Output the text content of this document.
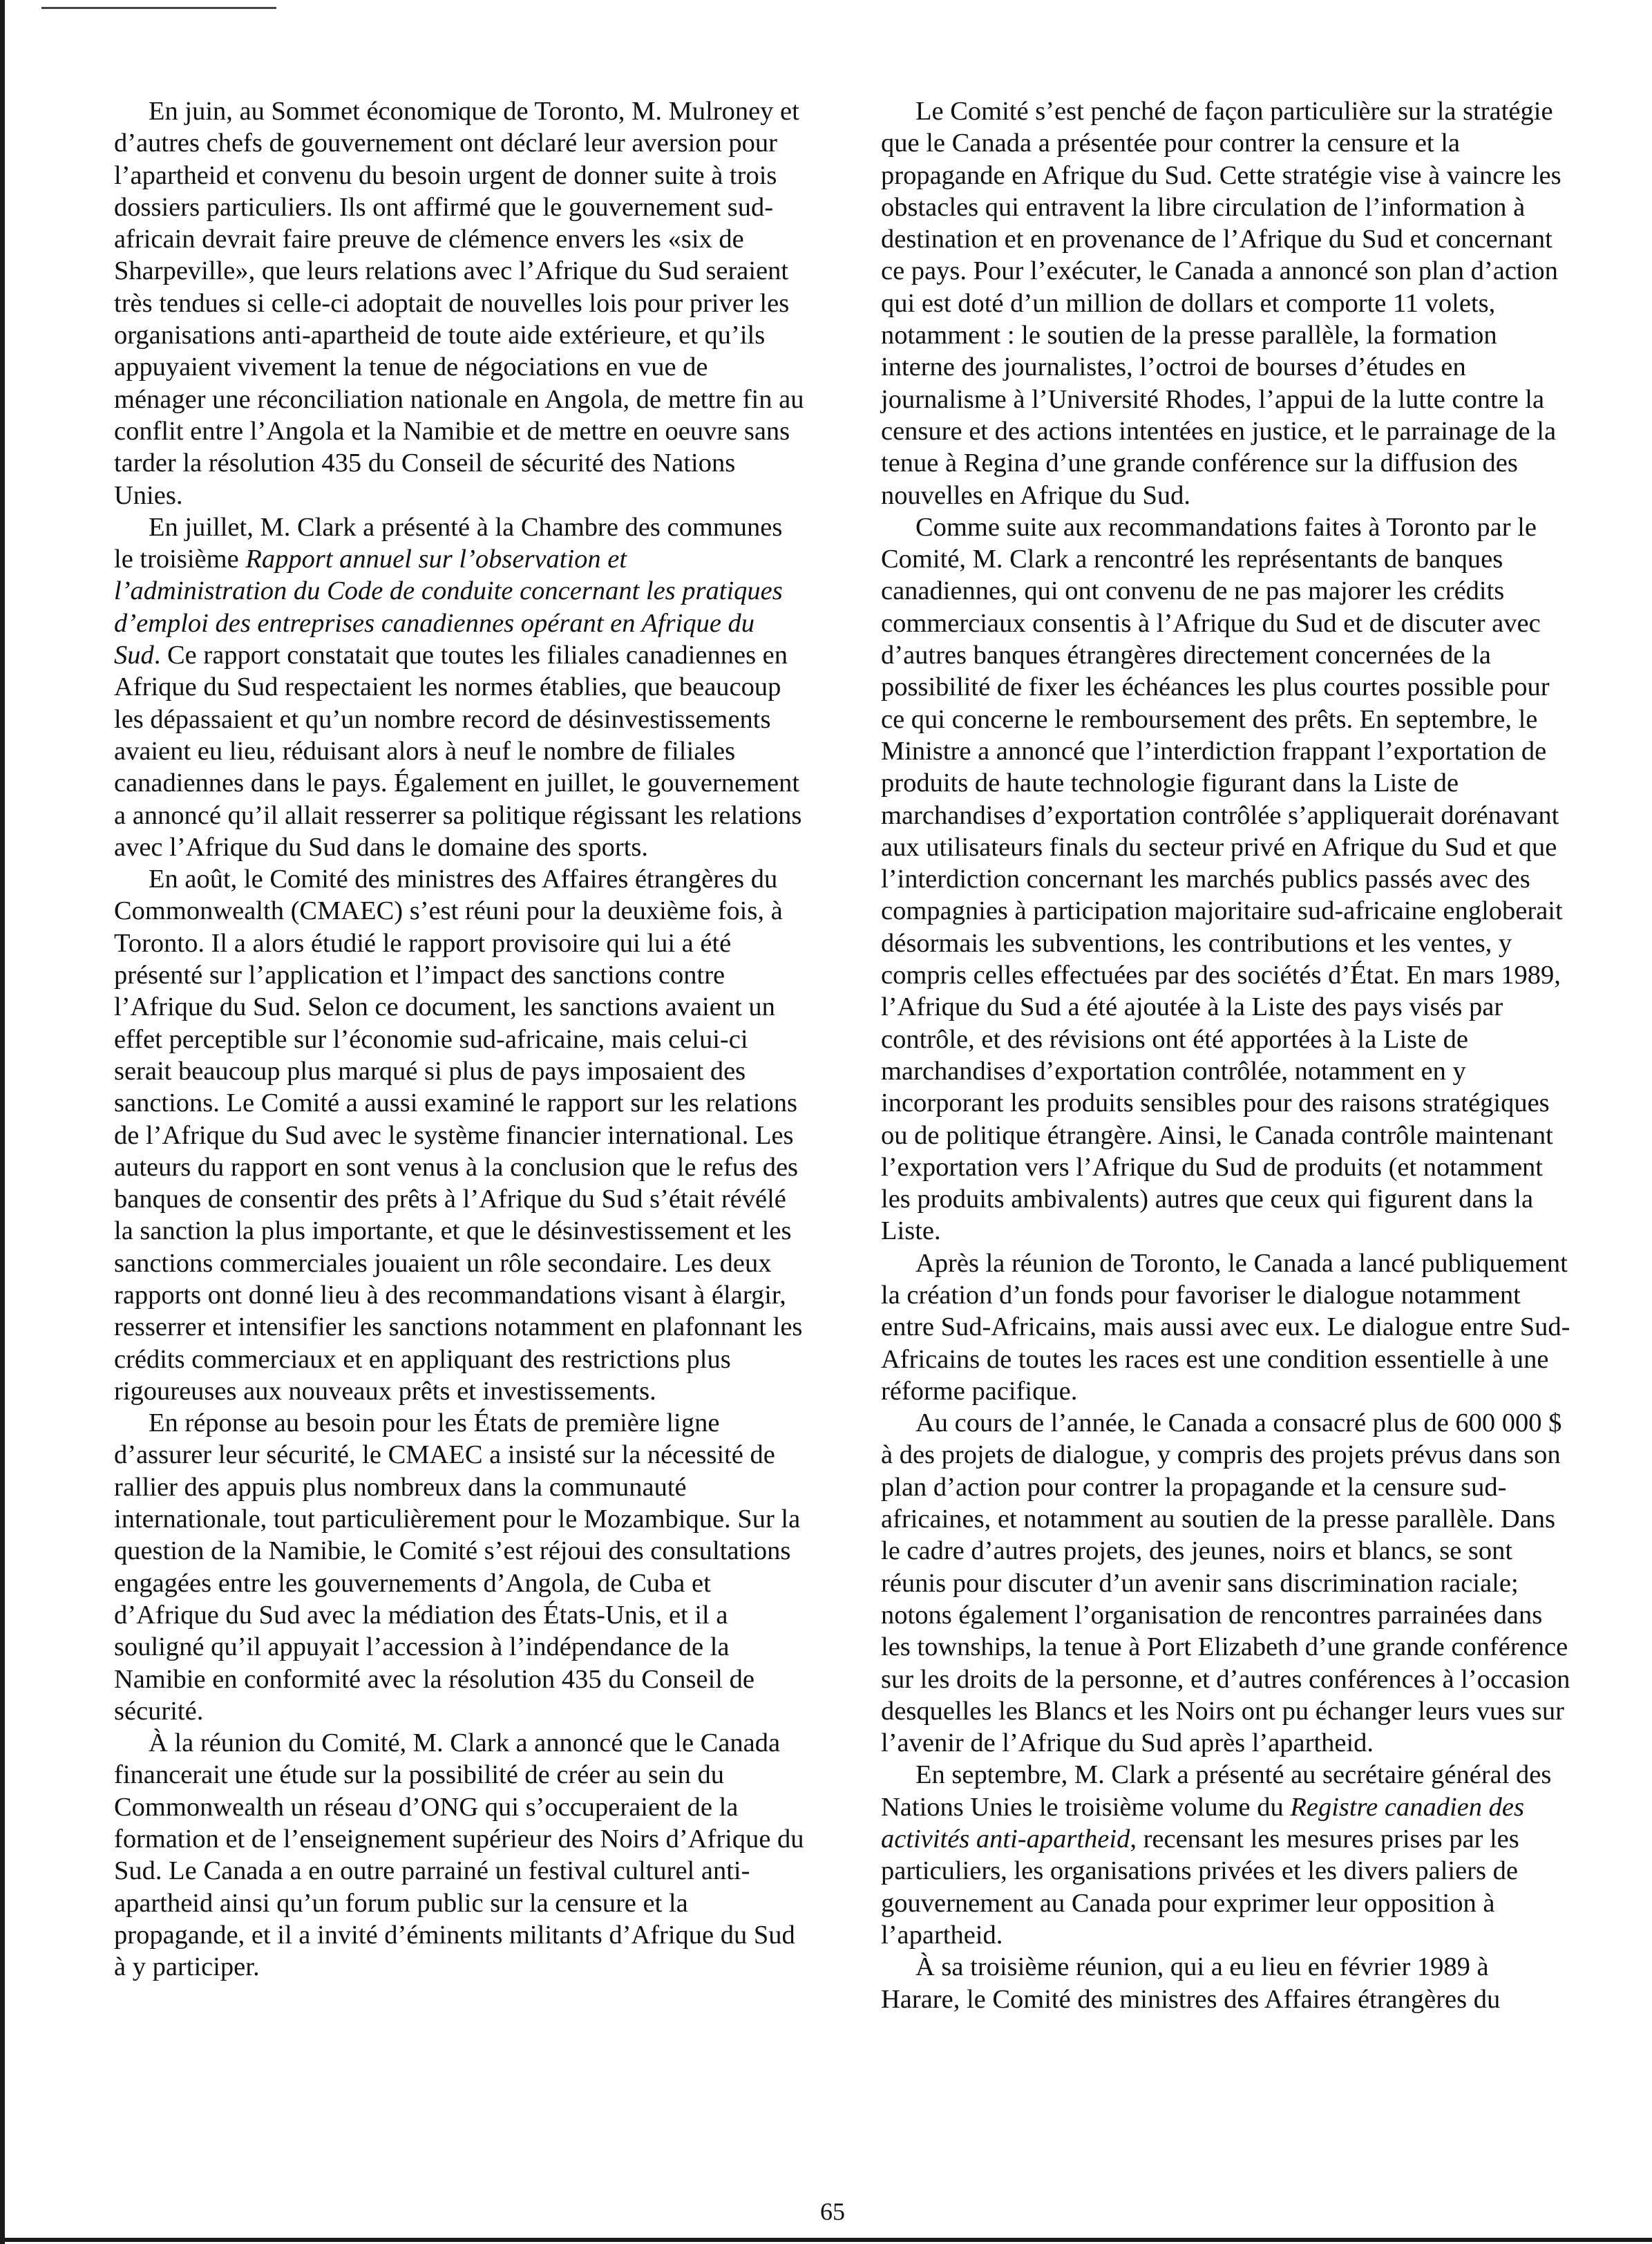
En juin, au Sommet économique de Toronto, M. Mulroney et d’autres chefs de gouvernement ont déclaré leur aversion pour l’apartheid et convenu du besoin urgent de donner suite à trois dossiers particuliers. Ils ont affirmé que le gouvernement sud-africain devrait faire preuve de clémence envers les «six de Sharpeville», que leurs relations avec l’Afrique du Sud seraient très tendues si celle-ci adoptait de nouvelles lois pour priver les organisations anti-apartheid de toute aide extérieure, et qu’ils appuyaient vivement la tenue de négociations en vue de ménager une réconciliation nationale en Angola, de mettre fin au conflit entre l’Angola et la Namibie et de mettre en oeuvre sans tarder la résolution 435 du Conseil de sécurité des Nations Unies.

En juillet, M. Clark a présenté à la Chambre des communes le troisième Rapport annuel sur l’observation et l’administration du Code de conduite concernant les pratiques d’emploi des entreprises canadiennes opérant en Afrique du Sud. Ce rapport constatait que toutes les filiales canadiennes en Afrique du Sud respectaient les normes établies, que beaucoup les dépassaient et qu’un nombre record de désinvestissements avaient eu lieu, réduisant alors à neuf le nombre de filiales canadiennes dans le pays. Également en juillet, le gouvernement a annoncé qu’il allait resserrer sa politique régissant les relations avec l’Afrique du Sud dans le domaine des sports.

En août, le Comité des ministres des Affaires étrangères du Commonwealth (CMAEC) s’est réuni pour la deuxième fois, à Toronto. Il a alors étudié le rapport provisoire qui lui a été présenté sur l’application et l’impact des sanctions contre l’Afrique du Sud. Selon ce document, les sanctions avaient un effet perceptible sur l’économie sud-africaine, mais celui-ci serait beaucoup plus marqué si plus de pays imposaient des sanctions. Le Comité a aussi examiné le rapport sur les relations de l’Afrique du Sud avec le système financier international. Les auteurs du rapport en sont venus à la conclusion que le refus des banques de consentir des prêts à l’Afrique du Sud s’était révélé la sanction la plus importante, et que le désinvestissement et les sanctions commerciales jouaient un rôle secondaire. Les deux rapports ont donné lieu à des recommandations visant à élargir, resserrer et intensifier les sanctions notamment en plafonnant les crédits commerciaux et en appliquant des restrictions plus rigoureuses aux nouveaux prêts et investissements.

En réponse au besoin pour les États de première ligne d’assurer leur sécurité, le CMAEC a insisté sur la nécessité de rallier des appuis plus nombreux dans la communauté internationale, tout particulièrement pour le Mozambique. Sur la question de la Namibie, le Comité s’est réjoui des consultations engagées entre les gouvernements d’Angola, de Cuba et d’Afrique du Sud avec la médiation des États-Unis, et il a souligné qu’il appuyait l’accession à l’indépendance de la Namibie en conformité avec la résolution 435 du Conseil de sécurité.

À la réunion du Comité, M. Clark a annoncé que le Canada financerait une étude sur la possibilité de créer au sein du Commonwealth un réseau d’ONG qui s’occuperaient de la formation et de l’enseignement supérieur des Noirs d’Afrique du Sud. Le Canada a en outre parrainé un festival culturel anti-apartheid ainsi qu’un forum public sur la censure et la propagande, et il a invité d’éminents militants d’Afrique du Sud à y participer.

Le Comité s’est penché de façon particulière sur la stratégie que le Canada a présentée pour contrer la censure et la propagande en Afrique du Sud. Cette stratégie vise à vaincre les obstacles qui entravent la libre circulation de l’information à destination et en provenance de l’Afrique du Sud et concernant ce pays. Pour l’exécuter, le Canada a annoncé son plan d’action qui est doté d’un million de dollars et comporte 11 volets, notamment : le soutien de la presse parallèle, la formation interne des journalistes, l’octroi de bourses d’études en journalisme à l’Université Rhodes, l’appui de la lutte contre la censure et des actions intentées en justice, et le parrainage de la tenue à Regina d’une grande conférence sur la diffusion des nouvelles en Afrique du Sud.

Comme suite aux recommandations faites à Toronto par le Comité, M. Clark a rencontré les représentants de banques canadiennes, qui ont convenu de ne pas majorer les crédits commerciaux consentis à l’Afrique du Sud et de discuter avec d’autres banques étrangères directement concernées de la possibilité de fixer les échéances les plus courtes possible pour ce qui concerne le remboursement des prêts. En septembre, le Ministre a annoncé que l’interdiction frappant l’exportation de produits de haute technologie figurant dans la Liste de marchandises d’exportation contrôlée s’appliquerait dorénavant aux utilisateurs finals du secteur privé en Afrique du Sud et que l’interdiction concernant les marchés publics passés avec des compagnies à participation majoritaire sud-africaine engloberait désormais les subventions, les contributions et les ventes, y compris celles effectuées par des sociétés d’État. En mars 1989, l’Afrique du Sud a été ajoutée à la Liste des pays visés par contrôle, et des révisions ont été apportées à la Liste de marchandises d’exportation contrôlée, notamment en y incorporant les produits sensibles pour des raisons stratégiques ou de politique étrangère. Ainsi, le Canada contrôle maintenant l’exportation vers l’Afrique du Sud de produits (et notamment les produits ambivalents) autres que ceux qui figurent dans la Liste.

Après la réunion de Toronto, le Canada a lancé publiquement la création d’un fonds pour favoriser le dialogue notamment entre Sud-Africains, mais aussi avec eux. Le dialogue entre Sud-Africains de toutes les races est une condition essentielle à une réforme pacifique.

Au cours de l’année, le Canada a consacré plus de 600 000 $ à des projets de dialogue, y compris des projets prévus dans son plan d’action pour contrer la propagande et la censure sud-africaines, et notamment au soutien de la presse parallèle. Dans le cadre d’autres projets, des jeunes, noirs et blancs, se sont réunis pour discuter d’un avenir sans discrimination raciale; notons également l’organisation de rencontres parrainées dans les townships, la tenue à Port Elizabeth d’une grande conférence sur les droits de la personne, et d’autres conférences à l’occasion desquelles les Blancs et les Noirs ont pu échanger leurs vues sur l’avenir de l’Afrique du Sud après l’apartheid.

En septembre, M. Clark a présenté au secrétaire général des Nations Unies le troisième volume du Registre canadien des activités anti-apartheid, recensant les mesures prises par les particuliers, les organisations privées et les divers paliers de gouvernement au Canada pour exprimer leur opposition à l’apartheid.

À sa troisième réunion, qui a eu lieu en février 1989 à Harare, le Comité des ministres des Affaires étrangères du

65
